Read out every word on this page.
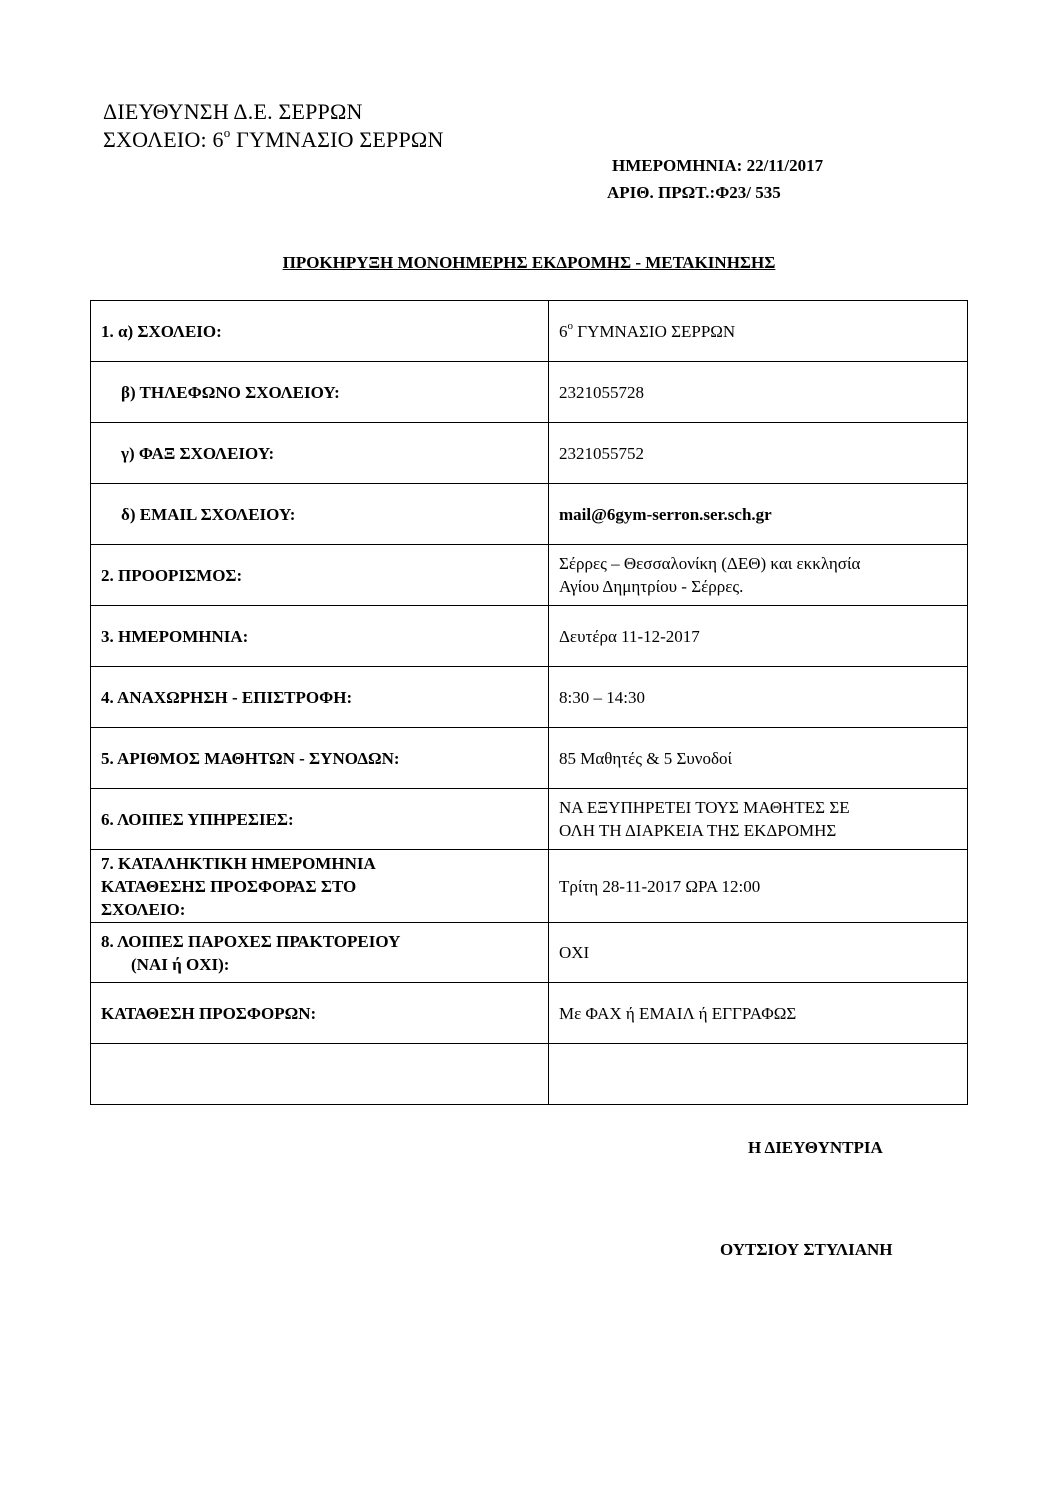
ΔΙΕΥΘΥΝΣΗ Δ.Ε. ΣΕΡΡΩΝ
ΣΧΟΛΕΙΟ: $6^o$ ΓΥΜΝΑΣΙΟ ΣΕΡΡΩΝ
ΗΜΕΡΟΜΗΝΙΑ: 22/11/2017
ΑΡΙΘ. ΠΡΩΤ.:Φ23/ 535
ΠΡΟΚΗΡΥΞΗ ΜΟΝΟΗΜΕΡΗΣ ΕΚΔΡΟΜΗΣ - ΜΕΤΑΚΙΝΗΣΗΣ
1. α) ΣΧΟΛΕΙΟ:	$6^o$ ΓΥΜΝΑΣΙΟ ΣΕΡΡΩΝ
β) ΤΗΛΕΦΩΝΟ ΣΧΟΛΕΙΟΥ:	2321055728
γ) ΦΑΞ ΣΧΟΛΕΙΟΥ:	2321055752
δ) EMAIL ΣΧΟΛΕΙΟΥ:	mail@6gym-serron.ser.sch.gr
2. ΠΡΟΟΡΙΣΜΟΣ:	Σέρρες – Θεσσαλονίκη (ΔΕΘ) και εκκλησία
Αγίου Δημητρίου - Σέρρες.

3. ΗΜΕΡΟΜΗΝΙΑ:	Δευτέρα 11-12-2017
4. ΑΝΑΧΩΡΗΣΗ - ΕΠΙΣΤΡΟΦΗ:	8:30 – 14:30
5. ΑΡΙΘΜΟΣ ΜΑΘΗΤΩΝ - ΣΥΝΟΔΩΝ:	85 Μαθητές & 5 Συνοδοί
6. ΛΟΙΠΕΣ ΥΠΗΡΕΣΙΕΣ:	ΝΑ ΕΞΥΠΗΡΕΤΕΙ ΤΟΥΣ ΜΑΘΗΤΕΣ ΣΕ
ΟΛΗ ΤΗ ΔΙΑΡΚΕΙΑ ΤΗΣ ΕΚΔΡΟΜΗΣ

7. ΚΑΤΑΛΗΚΤΙΚΗ ΗΜΕΡΟΜΗΝΙΑ
ΚΑΤΑΘΕΣΗΣ ΠΡΟΣΦΟΡΑΣ ΣΤΟ
ΣΧΟΛΕΙΟ:	Τρίτη 28-11-2017 ΩΡΑ 12:00

8. ΛΟΙΠΕΣ ΠΑΡΟΧΕΣ ΠΡΑΚΤΟΡΕΙΟΥ
(ΝΑΙ ή ΟΧΙ):	ΟΧΙ
ΚΑΤΑΘΕΣΗ ΠΡΟΣΦΟΡΩΝ:	Με ΦΑΧ ή ΕΜΑΙΛ ή ΕΓΓΡΑΦΩΣ

Η ΔΙΕΥΘΥΝΤΡΙΑ
ΟΥΤΣΙΟΥ ΣΤΥΛΙΑΝΗ
